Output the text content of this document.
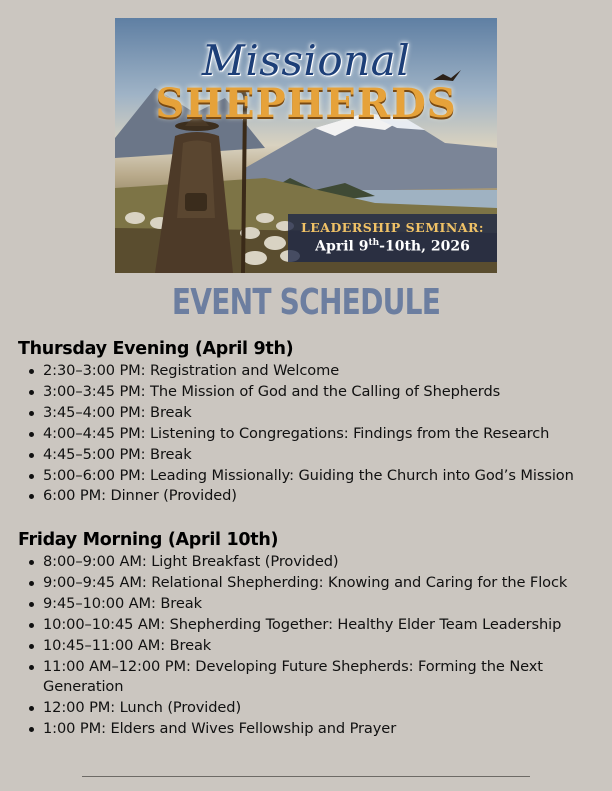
Missional
SHEPHERDS
LEADERSHIP SEMINAR:
April 9th-10th, 2026
EVENT SCHEDULE
Thursday Evening (April 9th)
2:30–3:00 PM: Registration and Welcome
3:00–3:45 PM: The Mission of God and the Calling of Shepherds
3:45–4:00 PM: Break
4:00–4:45 PM: Listening to Congregations: Findings from the Research
4:45–5:00 PM: Break
5:00–6:00 PM: Leading Missionally: Guiding the Church into God’s Mission
6:00 PM: Dinner (Provided)
Friday Morning (April 10th)
8:00–9:00 AM: Light Breakfast (Provided)
9:00–9:45 AM: Relational Shepherding: Knowing and Caring for the Flock
9:45–10:00 AM: Break
10:00–10:45 AM: Shepherding Together: Healthy Elder Team Leadership
10:45–11:00 AM: Break
11:00 AM–12:00 PM: Developing Future Shepherds: Forming the Next Generation
12:00 PM: Lunch (Provided)
1:00 PM: Elders and Wives Fellowship and Prayer
